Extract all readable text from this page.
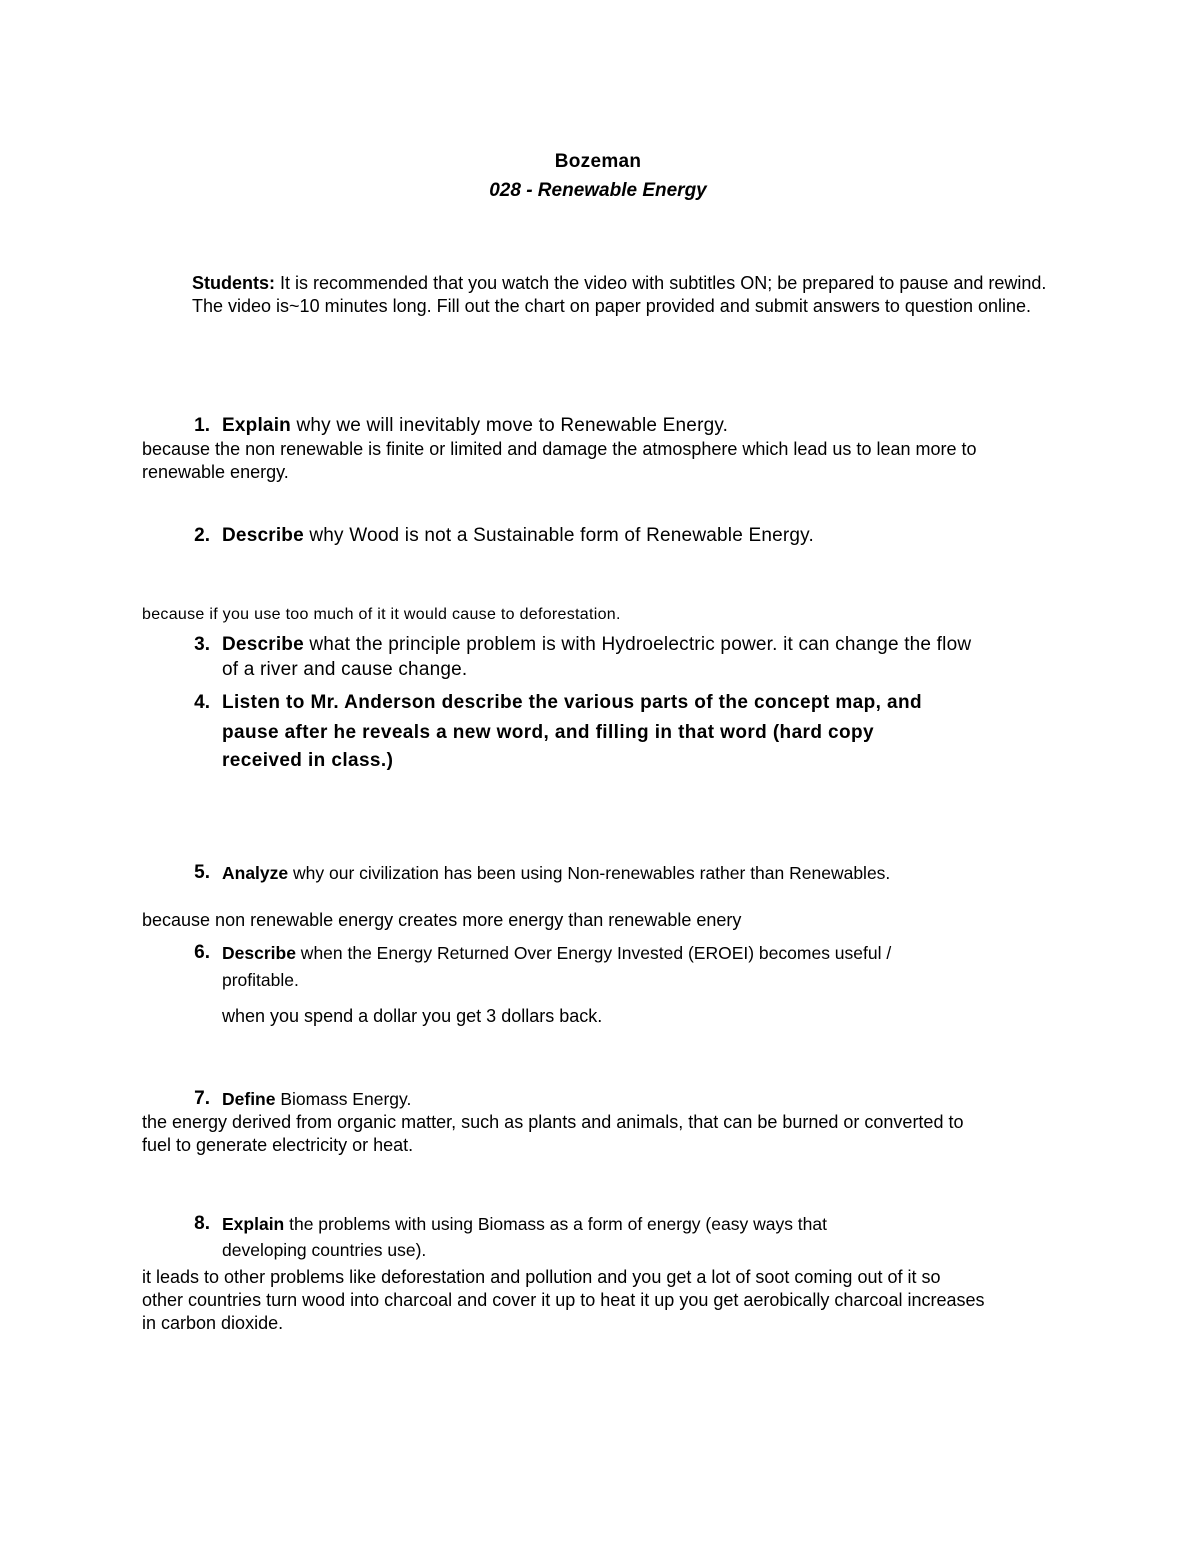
Bozeman
028 - Renewable Energy
Students: It is recommended that you watch the video with subtitles ON; be prepared to pause and rewind. The video is~10 minutes long. Fill out the chart on paper provided and submit answers to question online.
1. Explain why we will inevitably move to Renewable Energy.
because the non renewable is finite or limited and damage the atmosphere which lead us to lean more to
renewable energy.
2. Describe why Wood is not a Sustainable form of Renewable Energy.
because if you use too much of it it would cause to deforestation.
3. Describe what the principle problem is with Hydroelectric power. it can change the flow
of a river and cause change.
4. Listen to Mr. Anderson describe the various parts of the concept map, and
pause after he reveals a new word, and filling in that word (hard copy
received in class.)
5. Analyze why our civilization has been using Non-renewables rather than Renewables.
because non renewable energy creates more energy than renewable enery
6. Describe when the Energy Returned Over Energy Invested (EROEI) becomes useful /
profitable.
when you spend a dollar you get 3 dollars back.
7. Define Biomass Energy.
the energy derived from organic matter, such as plants and animals, that can be burned or converted to
fuel to generate electricity or heat.
8. Explain the problems with using Biomass as a form of energy (easy ways that
developing countries use).
it leads to other problems like deforestation and pollution and you get a lot of soot coming out of it so
other countries turn wood into charcoal and cover it up to heat it up you get aerobically charcoal increases
in carbon dioxide.
